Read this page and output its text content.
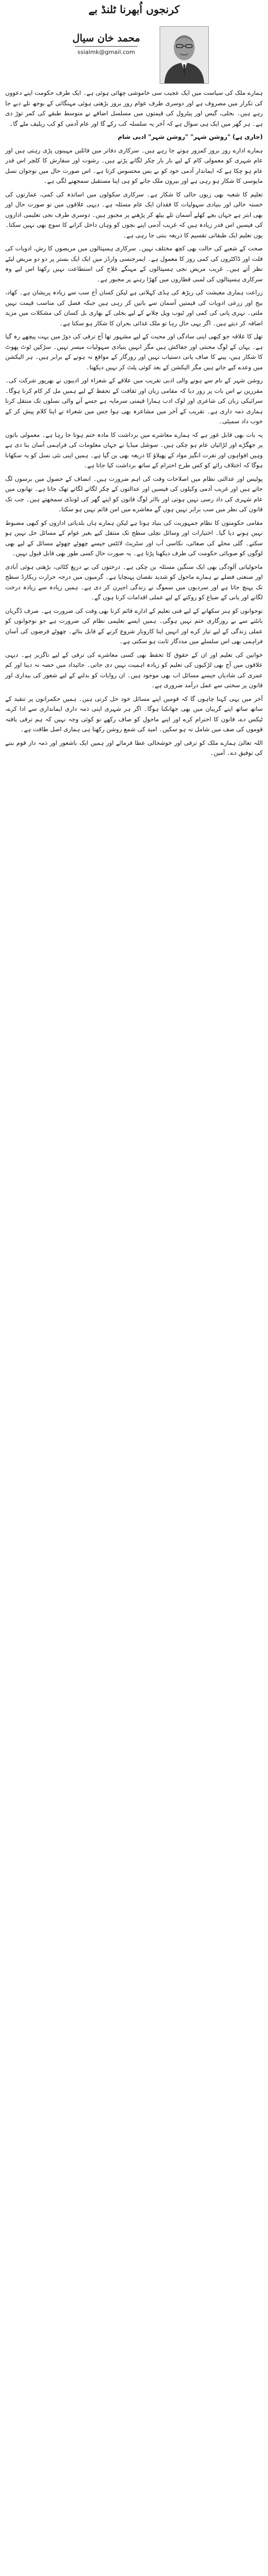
کرنجوں اُبھرنا ٹلنڈ بے
محمد خان سیال
ssialmk@gmail.com

ہمارے ملک کی سیاست میں ایک عجیب سی خاموشی چھائی ہوئی ہے۔ ایک طرف حکومت اپنے دعووں کی تکرار میں مصروف ہے اور دوسری طرف عوام روز بروز بڑھتی ہوئی مہنگائی کے بوجھ تلے دبے جا رہے ہیں۔ بجلی، گیس اور پیٹرول کی قیمتوں میں مسلسل اضافے نے متوسط طبقے کی کمر توڑ دی ہے۔ ہر گھر میں ایک ہی سوال ہے کہ آخر یہ سلسلہ کب رکے گا اور عام آدمی کو کب ریلیف ملے گا۔

(جاری ہے) "روشن شہر" "روشن شہر" ادبی شام

ہمارے ادارے روز بروز کمزور ہوتے جا رہے ہیں۔ سرکاری دفاتر میں فائلیں مہینوں پڑی رہتی ہیں اور عام شہری کو معمولی کام کے لیے بار بار چکر لگانے پڑتے ہیں۔ رشوت اور سفارش کا کلچر اس قدر عام ہو چکا ہے کہ ایماندار آدمی خود کو بے بس محسوس کرتا ہے۔ اس صورت حال میں نوجوان نسل مایوسی کا شکار ہو رہی ہے اور بیرون ملک جانے کو ہی اپنا مستقبل سمجھنے لگی ہے۔

تعلیم کا شعبہ بھی زبوں حالی کا شکار ہے۔ سرکاری سکولوں میں اساتذہ کی کمی، عمارتوں کی خستہ حالی اور بنیادی سہولیات کا فقدان ایک عام مسئلہ ہے۔ دیہی علاقوں میں تو صورت حال اور بھی ابتر ہے جہاں بچے کھلے آسمان تلے بیٹھ کر پڑھنے پر مجبور ہیں۔ دوسری طرف نجی تعلیمی اداروں کی فیسیں اس قدر زیادہ ہیں کہ غریب آدمی اپنے بچوں کو وہاں داخل کرانے کا سوچ بھی نہیں سکتا۔ یوں تعلیم ایک طبقاتی تقسیم کا ذریعہ بنتی جا رہی ہے۔

صحت کے شعبے کی حالت بھی کچھ مختلف نہیں۔ سرکاری ہسپتالوں میں مریضوں کا رش، ادویات کی قلت اور ڈاکٹروں کی کمی روز کا معمول ہے۔ ایمرجنسی وارڈز میں ایک ایک بستر پر دو دو مریض لیٹے نظر آتے ہیں۔ غریب مریض نجی ہسپتالوں کے مہنگے علاج کی استطاعت نہیں رکھتا اس لیے وہ سرکاری ہسپتالوں کی لمبی قطاروں میں کھڑا رہنے پر مجبور ہے۔

زراعت ہماری معیشت کی ریڑھ کی ہڈی کہلاتی ہے لیکن کسان آج سب سے زیادہ پریشان ہے۔ کھاد، بیج اور زرعی ادویات کی قیمتیں آسمان سے باتیں کر رہی ہیں جبکہ فصل کی مناسب قیمت نہیں ملتی۔ نہری پانی کی کمی اور ٹیوب ویل چلانے کے لیے بجلی کے بھاری بل کسان کی مشکلات میں مزید اضافہ کر دیتے ہیں۔ اگر یہی حال رہا تو ملک غذائی بحران کا شکار ہو سکتا ہے۔

تھل کا علاقہ جو کبھی اپنی سادگی اور محبت کے لیے مشہور تھا آج ترقی کی دوڑ میں بہت پیچھے رہ گیا ہے۔ یہاں کے لوگ محنتی اور جفاکش ہیں مگر انہیں بنیادی سہولیات میسر نہیں۔ سڑکیں ٹوٹ پھوٹ کا شکار ہیں، پینے کا صاف پانی دستیاب نہیں اور روزگار کے مواقع نہ ہونے کے برابر ہیں۔ ہر الیکشن میں وعدے کیے جاتے ہیں مگر الیکشن کے بعد کوئی پلٹ کر نہیں دیکھتا۔

روشن شہر کے نام سے ہونے والی ادبی تقریب میں علاقے کے شعراء اور ادیبوں نے بھرپور شرکت کی۔ مقررین نے اس بات پر زور دیا کہ مقامی زبان اور ثقافت کے تحفظ کے لیے ہمیں مل کر کام کرنا ہوگا۔ سرائیکی زبان کی شاعری اور لوک ادب ہمارا قیمتی سرمایہ ہے جسے آنے والی نسلوں تک منتقل کرنا ہماری ذمہ داری ہے۔ تقریب کے آخر میں مشاعرہ بھی ہوا جس میں شعراء نے اپنا کلام پیش کر کے خوب داد سمیٹی۔

یہ بات بھی قابل غور ہے کہ ہمارے معاشرے میں برداشت کا مادہ ختم ہوتا جا رہا ہے۔ معمولی باتوں پر جھگڑے اور لڑائیاں عام ہو چکی ہیں۔ سوشل میڈیا نے جہاں معلومات کی فراہمی آسان بنا دی ہے وہیں افواہوں اور نفرت انگیز مواد کے پھیلاؤ کا ذریعہ بھی بن گیا ہے۔ ہمیں اپنی نئی نسل کو یہ سکھانا ہوگا کہ اختلاف رائے کو کس طرح احترام کے ساتھ برداشت کیا جاتا ہے۔

پولیس اور عدالتی نظام میں اصلاحات وقت کی اہم ضرورت ہیں۔ انصاف کے حصول میں برسوں لگ جاتے ہیں اور غریب آدمی وکیلوں کی فیسیں اور عدالتوں کے چکر لگاتے لگاتے تھک جاتا ہے۔ تھانوں میں عام شہری کی داد رسی نہیں ہوتی اور بااثر لوگ قانون کو اپنے گھر کی لونڈی سمجھتے ہیں۔ جب تک قانون کی نظر میں سب برابر نہیں ہوں گے معاشرے میں امن قائم نہیں ہو سکتا۔

مقامی حکومتوں کا نظام جمہوریت کی بنیاد ہوتا ہے لیکن ہمارے ہاں بلدیاتی اداروں کو کبھی مضبوط نہیں ہونے دیا گیا۔ اختیارات اور وسائل نچلی سطح تک منتقل کیے بغیر عوام کے مسائل حل نہیں ہو سکتے۔ گلی محلے کی صفائی، نکاسی آب اور سٹریٹ لائٹس جیسے چھوٹے چھوٹے مسائل کے لیے بھی لوگوں کو صوبائی حکومت کی طرف دیکھنا پڑتا ہے۔ یہ صورت حال کسی طور بھی قابل قبول نہیں۔

ماحولیاتی آلودگی بھی ایک سنگین مسئلہ بن چکی ہے۔ درختوں کی بے دریغ کٹائی، بڑھتی ہوئی آبادی اور صنعتی فضلے نے ہمارے ماحول کو شدید نقصان پہنچایا ہے۔ گرمیوں میں درجہ حرارت ریکارڈ سطح تک پہنچ جاتا ہے اور سردیوں میں سموگ نے زندگی اجیرن کر دی ہے۔ ہمیں زیادہ سے زیادہ درخت لگانے اور پانی کے ضیاع کو روکنے کے لیے عملی اقدامات کرنا ہوں گے۔

نوجوانوں کو ہنر سکھانے کے لیے فنی تعلیم کے ادارے قائم کرنا بھی وقت کی ضرورت ہے۔ صرف ڈگریاں بانٹنے سے بے روزگاری ختم نہیں ہوگی۔ ہمیں ایسے تعلیمی نظام کی ضرورت ہے جو نوجوانوں کو عملی زندگی کے لیے تیار کرے اور انہیں اپنا کاروبار شروع کرنے کے قابل بنائے۔ چھوٹے قرضوں کی آسان فراہمی بھی اس سلسلے میں مددگار ثابت ہو سکتی ہے۔

خواتین کی تعلیم اور ان کے حقوق کا تحفظ بھی کسی معاشرے کی ترقی کے لیے ناگزیر ہے۔ دیہی علاقوں میں آج بھی لڑکیوں کی تعلیم کو زیادہ اہمیت نہیں دی جاتی۔ جائیداد میں حصہ نہ دینا اور کم عمری کی شادیاں جیسے مسائل اب بھی موجود ہیں۔ ان روایات کو بدلنے کے لیے شعور کی بیداری اور قانون پر سختی سے عمل درآمد ضروری ہے۔

آخر میں یہی کہنا چاہوں گا کہ قومیں اپنے مسائل خود حل کرتی ہیں۔ ہمیں حکمرانوں پر تنقید کے ساتھ ساتھ اپنے گریبان میں بھی جھانکنا ہوگا۔ اگر ہر شہری اپنی ذمہ داری ایمانداری سے ادا کرے، ٹیکس دے، قانون کا احترام کرے اور اپنے ماحول کو صاف رکھے تو کوئی وجہ نہیں کہ ہم ترقی یافتہ قوموں کی صف میں شامل نہ ہو سکیں۔ امید کی شمع روشن رکھنا ہی ہماری اصل طاقت ہے۔

اللہ تعالیٰ ہمارے ملک کو ترقی اور خوشحالی عطا فرمائے اور ہمیں ایک باشعور اور ذمہ دار قوم بننے کی توفیق دے۔ آمین۔
